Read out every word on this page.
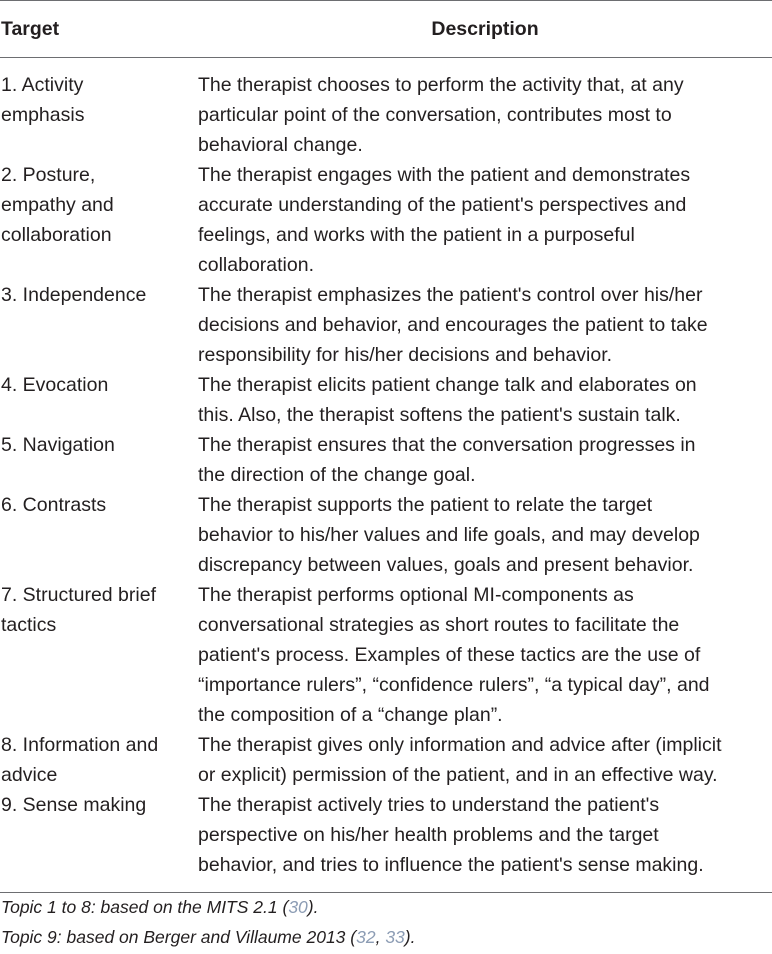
Target	Description
1. Activity
emphasis	The therapist chooses to perform the activity that, at any
particular point of the conversation, contributes most to
behavioral change.
2. Posture,
empathy and
collaboration	The therapist engages with the patient and demonstrates
accurate understanding of the patient's perspectives and
feelings, and works with the patient in a purposeful
collaboration.
3. Independence	The therapist emphasizes the patient's control over his/her
decisions and behavior, and encourages the patient to take
responsibility for his/her decisions and behavior.
4. Evocation	The therapist elicits patient change talk and elaborates on
this. Also, the therapist softens the patient's sustain talk.
5. Navigation	The therapist ensures that the conversation progresses in
the direction of the change goal.
6. Contrasts	The therapist supports the patient to relate the target
behavior to his/her values and life goals, and may develop
discrepancy between values, goals and present behavior.
7. Structured brief
tactics	The therapist performs optional MI-components as
conversational strategies as short routes to facilitate the
patient's process. Examples of these tactics are the use of
“importance rulers”, “confidence rulers”, “a typical day”, and
the composition of a “change plan”.
8. Information and
advice	The therapist gives only information and advice after (implicit
or explicit) permission of the patient, and in an effective way.
9. Sense making	The therapist actively tries to understand the patient's
perspective on his/her health problems and the target
behavior, and tries to influence the patient's sense making.
Topic 1 to 8: based on the MITS 2.1 (30).
Topic 9: based on Berger and Villaume 2013 (32, 33).
